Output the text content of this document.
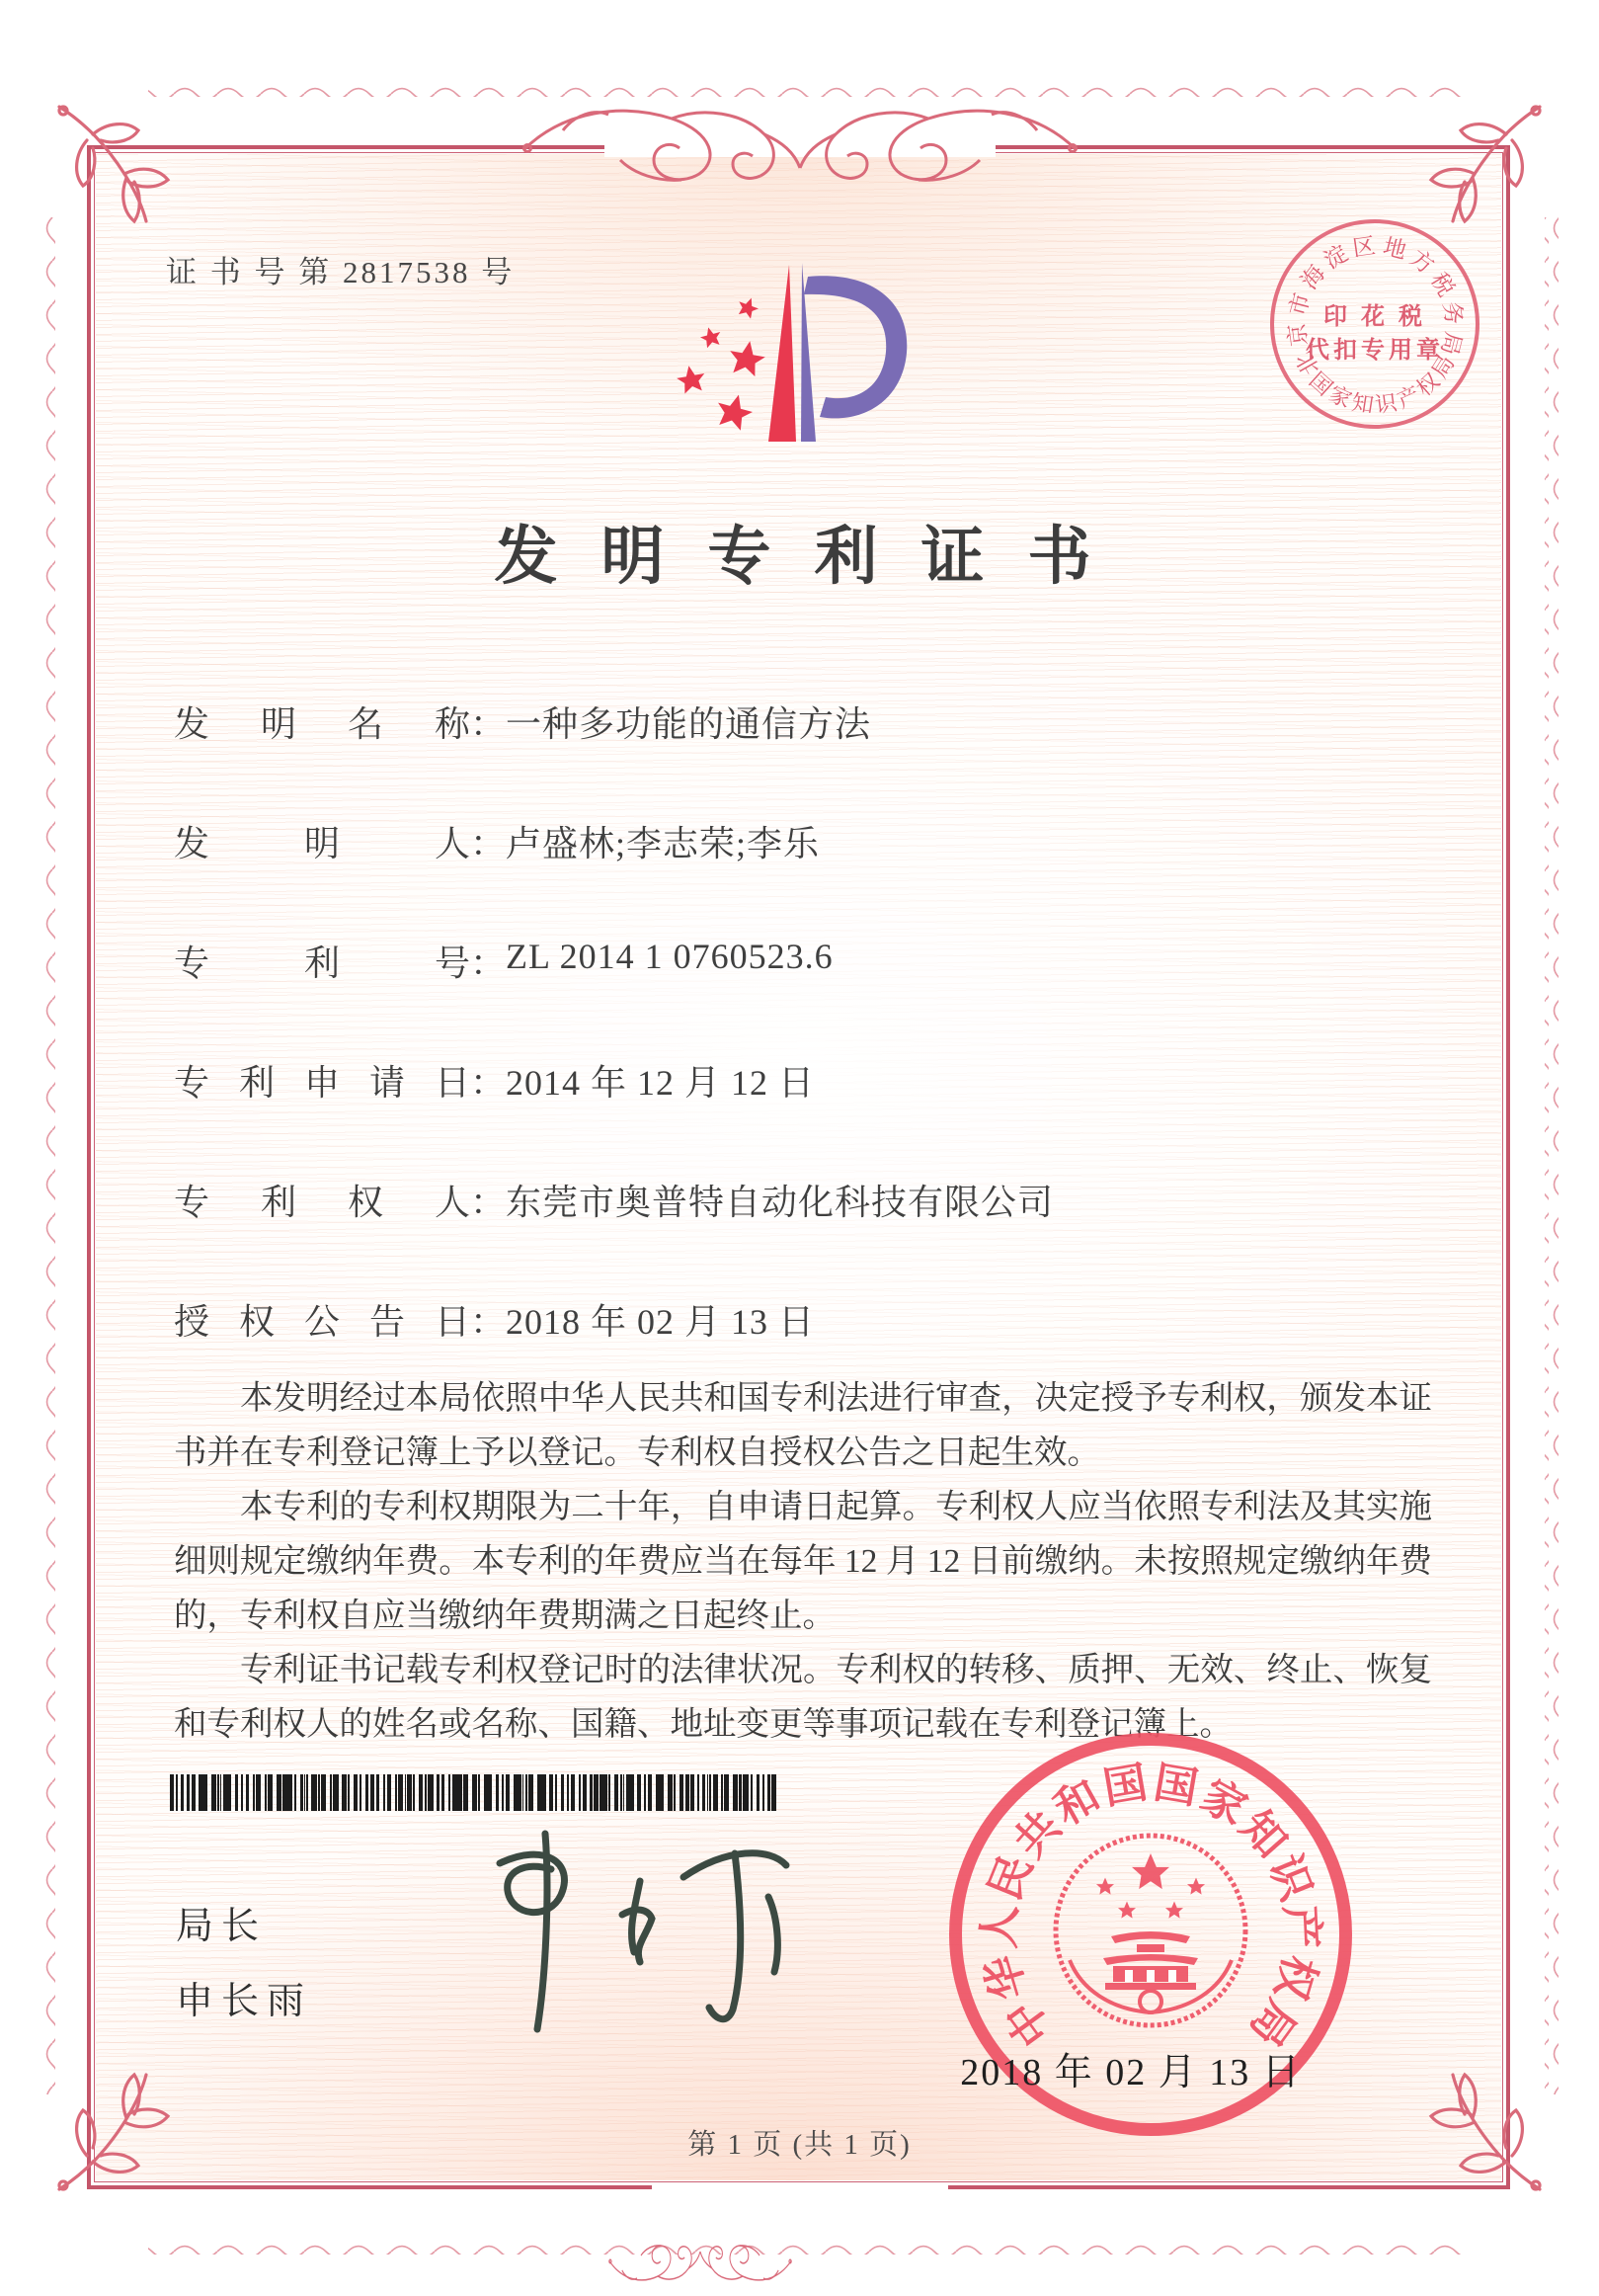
证 书 号 第 2817538 号
北
京
市
海
淀 区 地
方
税
务
局
国
家
知
识
产
权
局
印 花 税
代扣专用章
发 明 专 利 证 书
发明名称：一种多功能的通信方法
发明人：卢盛林;李志荣;李乐
专利号：ZL 2014 1 0760523.6
专利申请日：2014 年 12 月 12 日
专利权人：东莞市奥普特自动化科技有限公司
授权公告日：2018 年 02 月 13 日

本发明经过本局依照中华人民共和国专利法进行审查，决定授予专利权，颁发本证书并在专利登记簿上予以登记。专利权自授权公告之日起生效。

本专利的专利权期限为二十年，自申请日起算。专利权人应当依照专利法及其实施细则规定缴纳年费。本专利的年费应当在每年 12 月 12 日前缴纳。未按照规定缴纳年费的，专利权自应当缴纳年费期满之日起终止。

专利证书记载专利权登记时的法律状况。专利权的转移、质押、无效、终止、恢复和专利权人的姓名或名称、国籍、地址变更等事项记载在专利登记簿上。

局长
申长雨	中
华
人
民
共
和
国 国
家
知
识
产
权
局
2018 年 02 月 13 日
第 1 页 (共 1 页)
